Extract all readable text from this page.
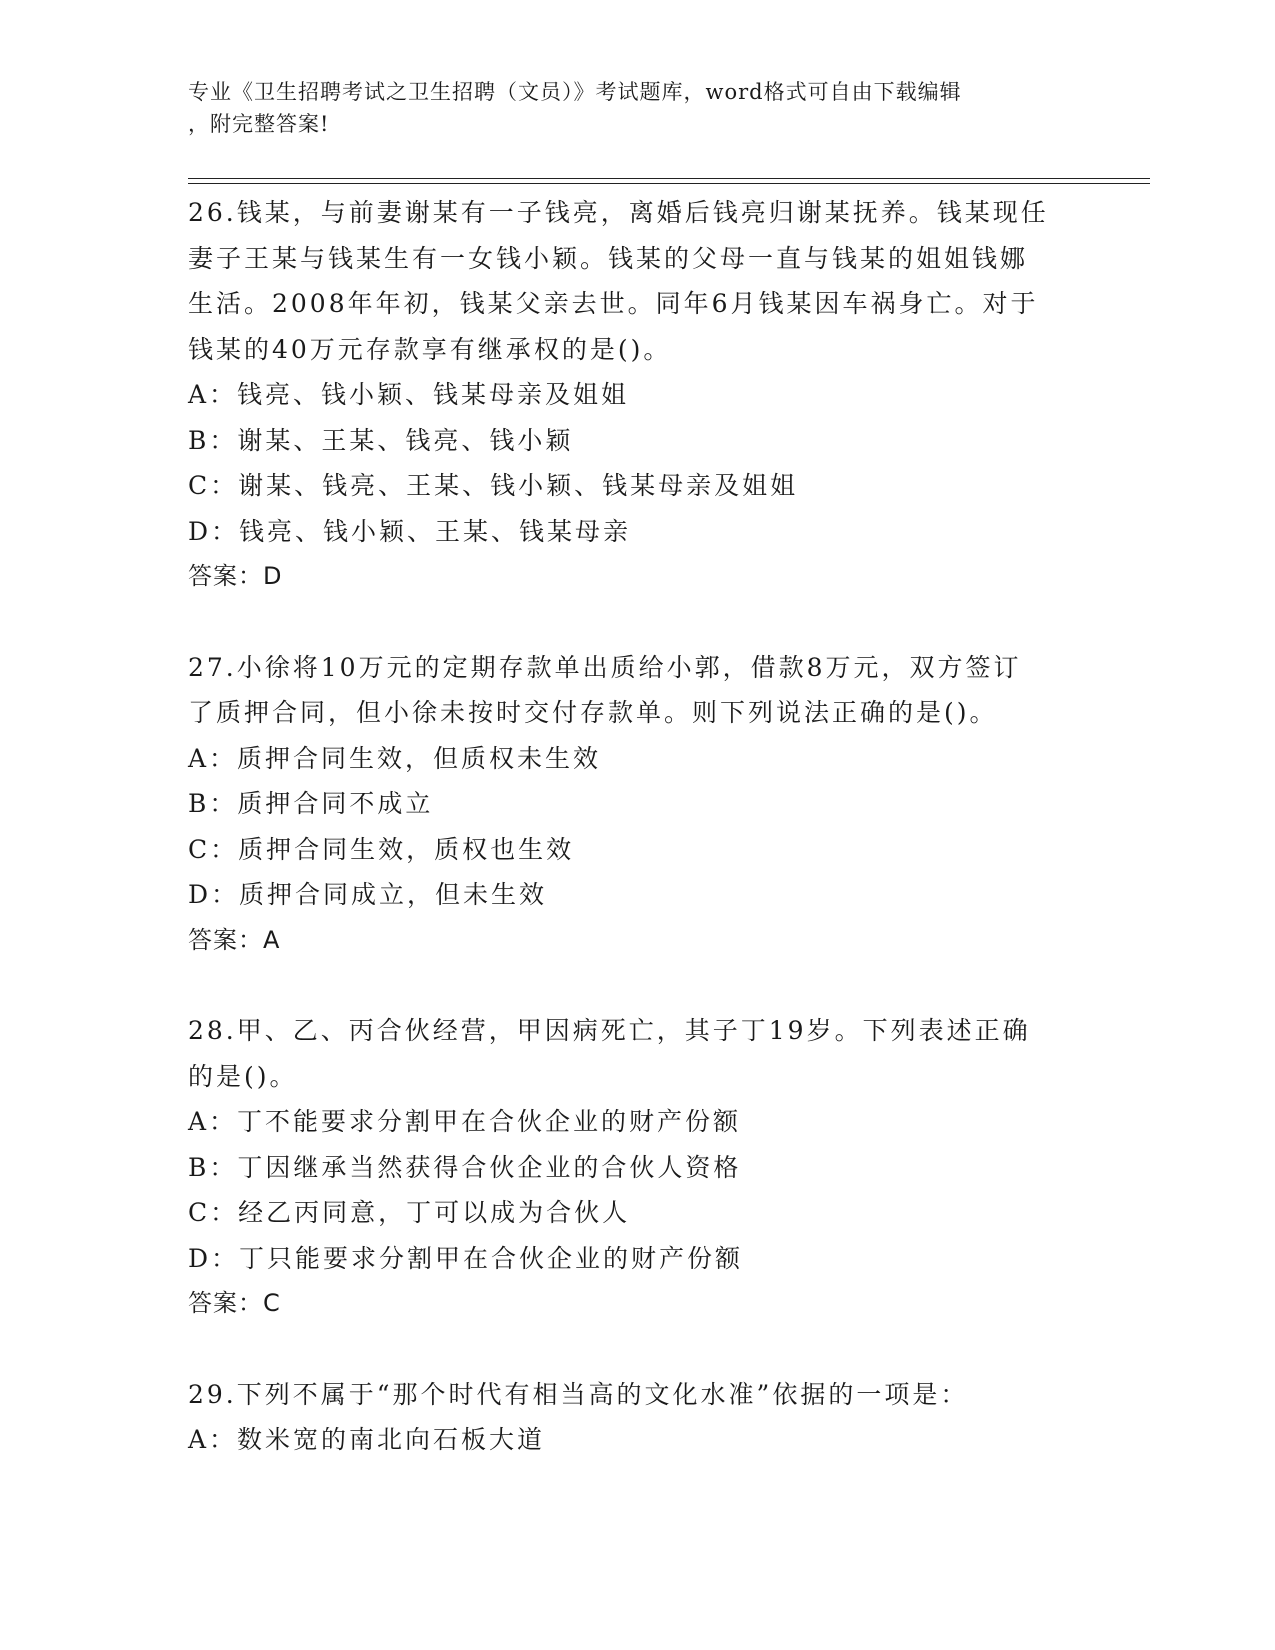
专业《卫生招聘考试之卫生招聘（文员）》考试题库，word格式可自由下载编辑
，附完整答案!
26.钱某，与前妻谢某有一子钱亮，离婚后钱亮归谢某抚养。钱某现任
妻子王某与钱某生有一女钱小颖。钱某的父母一直与钱某的姐姐钱娜
生活。2008年年初，钱某父亲去世。同年6月钱某因车祸身亡。对于
钱某的40万元存款享有继承权的是()。
A：钱亮、钱小颖、钱某母亲及姐姐
B：谢某、王某、钱亮、钱小颖
C：谢某、钱亮、王某、钱小颖、钱某母亲及姐姐
D：钱亮、钱小颖、王某、钱某母亲
答案：D
27.小徐将10万元的定期存款单出质给小郭，借款8万元，双方签订
了质押合同，但小徐未按时交付存款单。则下列说法正确的是()。
A：质押合同生效，但质权未生效
B：质押合同不成立
C：质押合同生效，质权也生效
D：质押合同成立，但未生效
答案：A
28.甲、乙、丙合伙经营，甲因病死亡，其子丁19岁。下列表述正确
的是()。
A：丁不能要求分割甲在合伙企业的财产份额
B：丁因继承当然获得合伙企业的合伙人资格
C：经乙丙同意，丁可以成为合伙人
D：丁只能要求分割甲在合伙企业的财产份额
答案：C
29.下列不属于“那个时代有相当高的文化水准”依据的一项是：
A：数米宽的南北向石板大道
